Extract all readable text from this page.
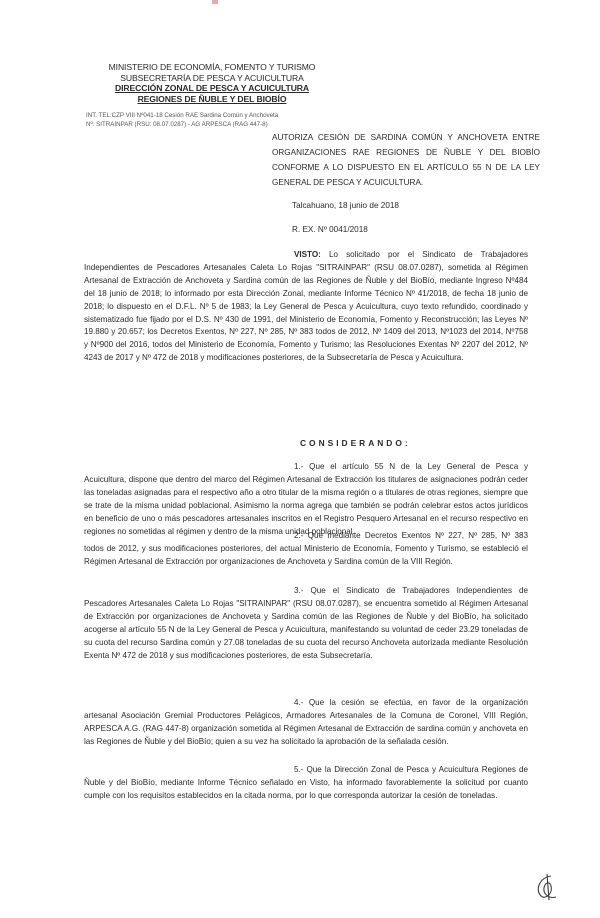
MINISTERIO DE ECONOMÍA, FOMENTO Y TURISMO
SUBSECRETARÍA DE PESCA Y ACUICULTURA
DIRECCIÓN ZONAL DE PESCA Y ACUICULTURA
REGIONES DE ÑUBLE Y DEL BIOBÍO
INT. TEL:CZP VIII Nº041-18 Cesión RAE Sardina Común y Anchoveta
Nº: SITRAINPAR (RSU: 08.07.0287) - AG ARPESCA (RAG 447-8)
AUTORIZA CESIÓN DE SARDINA COMÚN Y ANCHOVETA ENTRE ORGANIZACIONES RAE REGIONES DE ÑUBLE Y DEL BIOBÍO CONFORME A LO DISPUESTO EN EL ARTÍCULO 55 N DE LA LEY GENERAL DE PESCA Y ACUICULTURA.
Talcahuano, 18 junio de 2018
R. EX. Nº 0041/2018
VISTO: Lo solicitado por el Sindicato de Trabajadores Independientes de Pescadores Artesanales Caleta Lo Rojas "SITRAINPAR" (RSU 08.07.0287), sometida al Régimen Artesanal de Extracción de Anchoveta y Sardina común de las Regiones de Ñuble y del BioBío, mediante Ingreso Nº484 del 18 junio de 2018; lo informado por esta Dirección Zonal, mediante Informe Técnico Nº 41/2018, de fecha 18 junio de 2018; lo dispuesto en el D.F.L. Nº 5 de 1983; la Ley General de Pesca y Acuicultura, cuyo texto refundido, coordinado y sistematizado fue fijado por el D.S. Nº 430 de 1991, del Ministerio de Economía, Fomento y Reconstrucción; las Leyes Nº 19.880 y 20.657; los Decretos Exentos, Nº 227, Nº 285, Nº 383 todos de 2012, Nº 1409 del 2013, Nº1023 del 2014, Nº758 y Nº900 del 2016, todos del Ministerio de Economía, Fomento y Turismo; las Resoluciones Exentas Nº 2207 del 2012, Nº 4243 de 2017 y Nº 472 de 2018 y modificaciones posteriores, de la Subsecretaría de Pesca y Acuicultura.
CONSIDERANDO:
1.- Que el artículo 55 N de la Ley General de Pesca y Acuicultura, dispone que dentro del marco del Régimen Artesanal de Extracción los titulares de asignaciones podrán ceder las toneladas asignadas para el respectivo año a otro titular de la misma región o a titulares de otras regiones, siempre que se trate de la misma unidad poblacional. Asimismo la norma agrega que también se podrán celebrar estos actos jurídicos en beneficio de uno o más pescadores artesanales inscritos en el Registro Pesquero Artesanal en el recurso respectivo en regiones no sometidas al régimen y dentro de la misma unidad poblacional.
2.- Que mediante Decretos Exentos Nº 227, Nº 285, Nº 383 todos de 2012, y sus modificaciones posteriores, del actual Ministerio de Economía, Fomento y Turismo, se estableció el Régimen Artesanal de Extracción por organizaciones de Anchoveta y Sardina común de la VIII Región.
3.- Que el Sindicato de Trabajadores Independientes de Pescadores Artesanales Caleta Lo Rojas "SITRAINPAR" (RSU 08.07.0287), se encuentra sometido al Régimen Artesanal de Extracción por organizaciones de Anchoveta y Sardina común de las Regiones de Ñuble y del BioBío, ha solicitado acogerse al artículo 55 N de la Ley General de Pesca y Acuicultura, manifestando su voluntad de ceder 23.29 toneladas de su cuota del recurso Sardina común y 27.08 toneladas de su cuota del recurso Anchoveta autorizada mediante Resolución Exenta Nº 472 de 2018 y sus modificaciones posteriores, de esta Subsecretaría.
4.- Que la cesión se efectúa, en favor de la organización artesanal Asociación Gremial Productores Pelágicos, Armadores Artesanales de la Comuna de Coronel, VIII Región, ARPESCA A.G. (RAG 447-8) organización sometida al Régimen Artesanal de Extracción de sardina común y anchoveta en las Regiones de Ñuble y del BioBío; quien a su vez ha solicitado la aprobación de la señalada cesión.
5.- Que la Dirección Zonal de Pesca y Acuicultura Regiones de Ñuble y del BioBío, mediante Informe Técnico señalado en Visto, ha informado favorablemente la solicitud por cuanto cumple con los requisitos establecidos en la citada norma, por lo que corresponda autorizar la cesión de toneladas.
